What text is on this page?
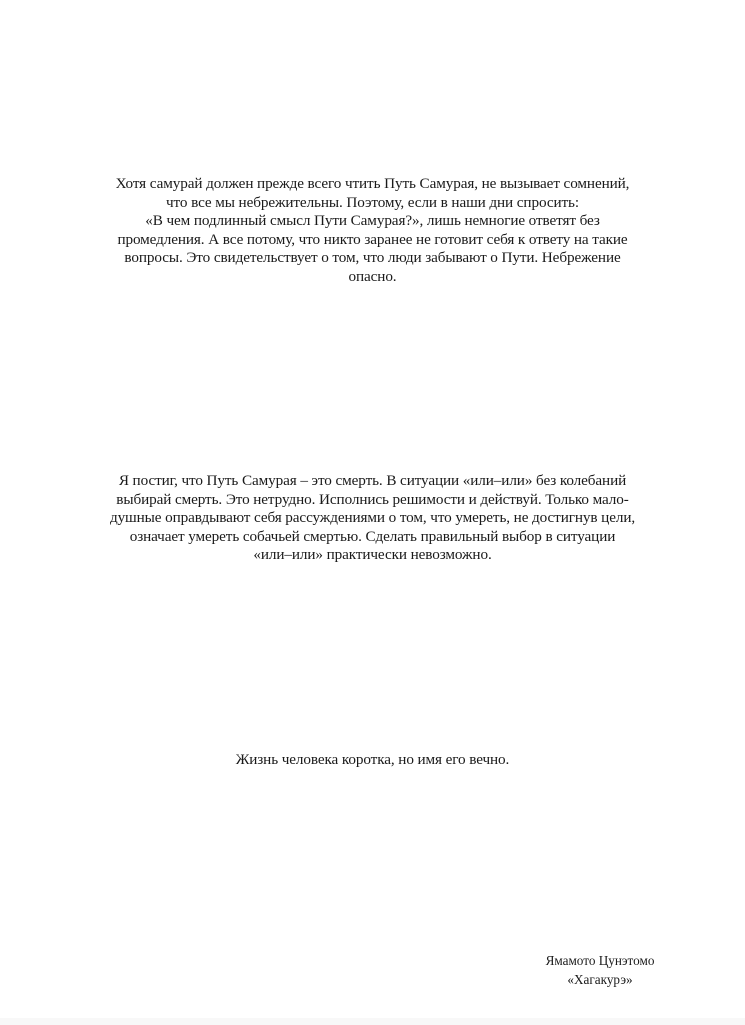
Хотя самурай должен прежде всего чтить Путь Самурая, не вызывает сомнений,
что все мы небрежительны. Поэтому, если в наши дни спросить:
«В чем подлинный смысл Пути Самурая?», лишь немногие ответят без
промедления. А все потому, что никто заранее не готовит себя к ответу на такие
вопросы. Это свидетельствует о том, что люди забывают о Пути. Небрежение
опасно.
Я постиг, что Путь Самурая – это смерть. В ситуации «или–или» без колебаний
выбирай смерть. Это нетрудно. Исполнись решимости и действуй. Только мало-
душные оправдывают себя рассуждениями о том, что умереть, не достигнув цели,
означает умереть собачьей смертью. Сделать правильный выбор в ситуации
«или–или» практически невозможно.
Жизнь человека коротка, но имя его вечно.
Ямамото Цунэтомо
«Хагакурэ»
